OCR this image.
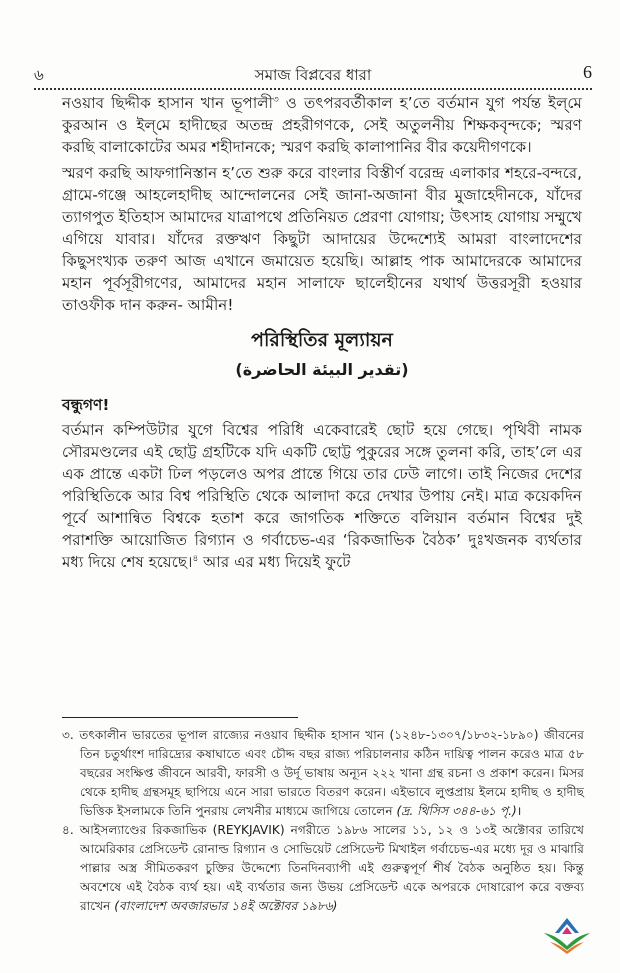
৬	সমাজ বিপ্লবের ধারা	6

নওয়াব ছিদ্দীক হাসান খান ভূপালী$^৩$ ও তৎপরবর্তীকাল হ’তে বর্তমান যুগ পর্যন্ত ইল্‌মে কুরআন ও ইল্‌মে হাদীছের অতন্দ্র প্রহরীগণকে, সেই অতুলনীয় শিক্ষকবৃন্দকে; স্মরণ করছি বালাকোটের অমর শহীদানকে; স্মরণ করছি কালাপানির বীর কয়েদীগণকে।

স্মরণ করছি আফগানিস্তান হ’তে শুরু করে বাংলার বিস্তীর্ণ বরেন্দ্র এলাকার শহরে-বন্দরে, গ্রামে-গঞ্জে আহলেহাদীছ আন্দোলনের সেই জানা-অজানা বীর মুজাহেদীনকে, যাঁদের ত্যাগপুত ইতিহাস আমাদের যাত্রাপথে প্রতিনিয়ত প্রেরণা যোগায়; উৎসাহ যোগায় সম্মুখে এগিয়ে যাবার। যাঁদের রক্তঋণ কিছুটা আদায়ের উদ্দেশ্যেই আমরা বাংলাদেশের কিছুসংখ্যক তরুণ আজ এখানে জমায়েত হয়েছি। আল্লাহ পাক আমাদেরকে আমাদের মহান পূর্বসূরীগণের, আমাদের মহান সালাফে ছালেহীনের যথার্থ উত্তরসূরী হওয়ার তাওফীক দান করুন- আমীন!

পরিস্থিতির মূল্যায়ন

(تقدير البيئة الحاضرة)

বন্ধুগণ!

বর্তমান কম্পিউটার যুগে বিশ্বের পরিধি একেবারেই ছোট হয়ে গেছে। পৃথিবী নামক সৌরমণ্ডলের এই ছোট্ট গ্রহটিকে যদি একটি ছোট্ট পুকুরের সঙ্গে তুলনা করি, তাহ’লে এর এক প্রান্তে একটা ঢিল পড়লেও অপর প্রান্তে গিয়ে তার ঢেউ লাগে। তাই নিজের দেশের পরিস্থিতিকে আর বিশ্ব পরিস্থিতি থেকে আলাদা করে দেখার উপায় নেই। মাত্র কয়েকদিন পূর্বে আশান্বিত বিশ্বকে হতাশ করে জাগতিক শক্তিতে বলিয়ান বর্তমান বিশ্বের দুই পরাশক্তি আয়োজিত রিগ্যান ও গর্বাচেভ-এর ‘রিকজাভিক বৈঠক’ দুঃখজনক ব্যর্থতার মধ্য দিয়ে শেষ হয়েছে।$^৪$ আর এর মধ্য দিয়েই ফুটে

৩. তৎকালীন ভারতের ভূপাল রাজ্যের নওয়াব ছিদ্দীক হাসান খান (১২৪৮-১৩০৭/১৮৩২-১৮৯০) জীবনের তিন চতুর্থাংশ দারিদ্র্যের কষাঘাতে এবং চৌদ্দ বছর রাজ্য পরিচালনার কঠিন দায়িত্ব পালন করেও মাত্র ৫৮ বছরের সংক্ষিপ্ত জীবনে আরবী, ফারসী ও উর্দূ ভাষায় অন্যূন ২২২ খানা গ্রন্থ রচনা ও প্রকাশ করেন। মিসর থেকে হাদীছ গ্রন্থসমূহ ছাপিয়ে এনে সারা ভারতে বিতরণ করেন। এইভাবে লুপ্তপ্রায় ইলমে হাদীছ ও হাদীছ ভিত্তিক ইসলামকে তিনি পুনরায় লেখনীর মাধ্যমে জাগিয়ে তোলেন (দ্র. থিসিস ৩৪৪-৬১ পৃ.)।

৪. আইসল্যাণ্ডের রিকজাভিক (REYKJAVIK) নগরীতে ১৯৮৬ সালের ১১, ১২ ও ১৩ই অক্টোবর তারিখে আমেরিকার প্রেসিডেন্ট রোনাল্ড রিগ্যান ও সোভিয়েট প্রেসিডেন্ট মিখাইল গর্বাচেভ-এর মধ্যে দূর ও মাঝারি পাল্লার অস্ত্র সীমিতকরণ চুক্তির উদ্দেশ্যে তিনদিনব্যাপী এই গুরুত্বপূর্ণ শীর্ষ বৈঠক অনুষ্ঠিত হয়। কিন্তু অবশেষে এই বৈঠক ব্যর্থ হয়। এই ব্যর্থতার জন্য উভয় প্রেসিডেন্ট একে অপরকে দোষারোপ করে বক্তব্য রাখেন (বাংলাদেশ অবজারভার ১৪ই অক্টোবর ১৯৮৬)
